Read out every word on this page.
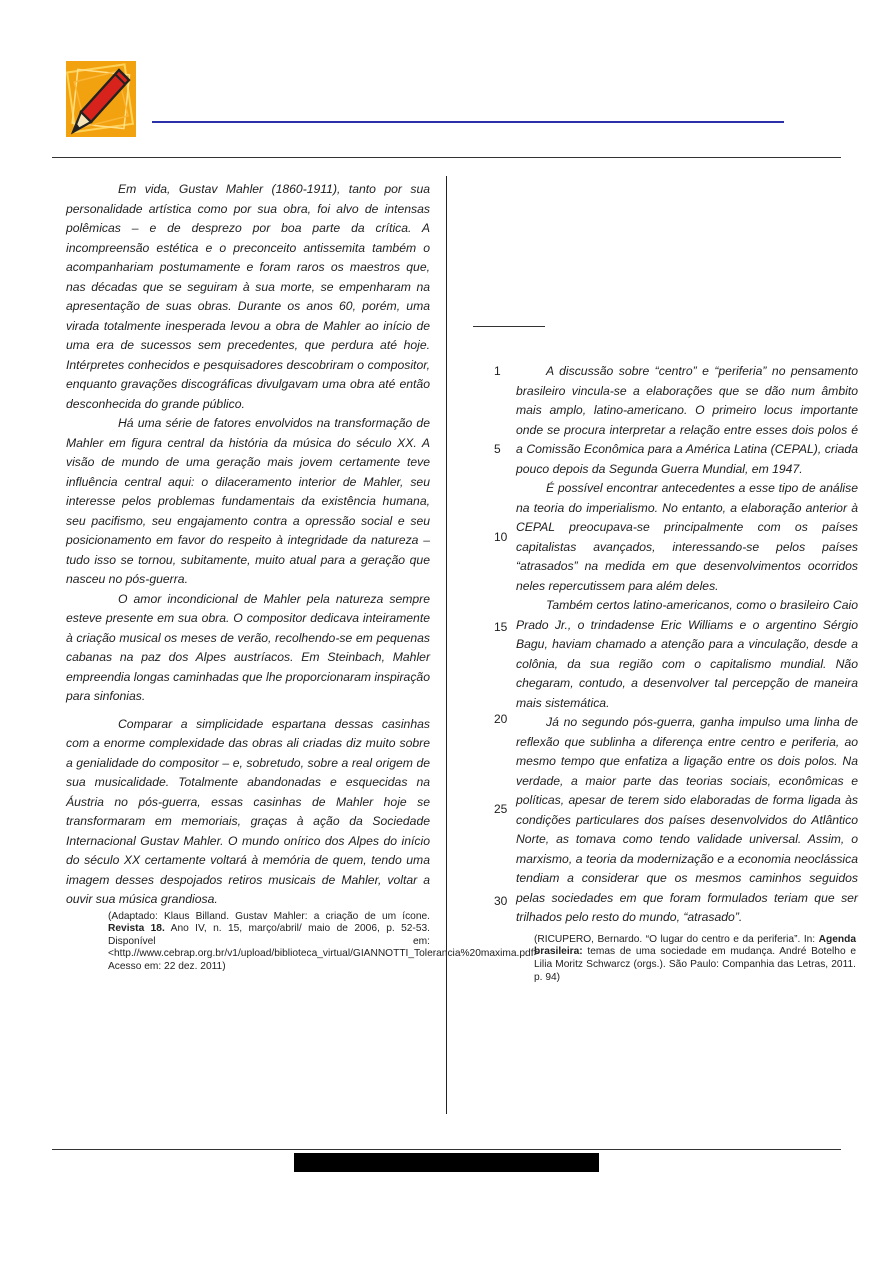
Em vida, Gustav Mahler (1860-1911), tanto por sua personalidade artística como por sua obra, foi alvo de intensas polêmicas – e de desprezo por boa parte da crítica. A incompreensão estética e o preconceito antissemita também o acompanhariam postumamente e foram raros os maestros que, nas décadas que se seguiram à sua morte, se empenharam na apresentação de suas obras. Durante os anos 60, porém, uma virada totalmente inesperada levou a obra de Mahler ao início de uma era de sucessos sem precedentes, que perdura até hoje. Intérpretes conhecidos e pesquisadores descobriram o compositor, enquanto gravações discográficas divulgavam uma obra até então desconhecida do grande público.

Há uma série de fatores envolvidos na transformação de Mahler em figura central da história da música do século XX. A visão de mundo de uma geração mais jovem certamente teve influência central aqui: o dilaceramento interior de Mahler, seu interesse pelos problemas fundamentais da existência humana, seu pacifismo, seu engajamento contra a opressão social e seu posicionamento em favor do respeito à integridade da natureza – tudo isso se tornou, subitamente, muito atual para a geração que nasceu no pós-guerra.

O amor incondicional de Mahler pela natureza sempre esteve presente em sua obra. O compositor dedicava inteiramente à criação musical os meses de verão, recolhendo-se em pequenas cabanas na paz dos Alpes austríacos. Em Steinbach, Mahler empreendia longas caminhadas que lhe proporcionaram inspiração para sinfonias.

Comparar a simplicidade espartana dessas casinhas com a enorme complexidade das obras ali criadas diz muito sobre a genialidade do compositor – e, sobretudo, sobre a real origem de sua musicalidade. Totalmente abandonadas e esquecidas na Áustria no pós-guerra, essas casinhas de Mahler hoje se transformaram em memoriais, graças à ação da Sociedade Internacional Gustav Mahler. O mundo onírico dos Alpes do início do século XX certamente voltará à memória de quem, tendo uma imagem desses despojados retiros musicais de Mahler, voltar a ouvir sua música grandiosa.

(Adaptado: Klaus Billand. Gustav Mahler: a criação de um ícone. Revista 18. Ano IV, n. 15, março/abril/ maio de 2006, p. 52-53. Disponível em: <http.//www.cebrap.org.br/v1/upload/biblioteca_virtual/GIANNOTTI_Tolerancia%20maxima.pdf> Acesso em: 22 dez. 2011)
1
5
10
15
20
25
30

A discussão sobre “centro” e “periferia” no pensamento brasileiro vincula-se a elaborações que se dão num âmbito mais amplo, latino-americano. O primeiro locus importante onde se procura interpretar a relação entre esses dois polos é a Comissão Econômica para a América Latina (CEPAL), criada pouco depois da Segunda Guerra Mundial, em 1947.

É possível encontrar antecedentes a esse tipo de análise na teoria do imperialismo. No entanto, a elaboração anterior à CEPAL preocupava-se principalmente com os países capitalistas avançados, interessando-se pelos países “atrasados” na medida em que desenvolvimentos ocorridos neles repercutissem para além deles.

Também certos latino-americanos, como o brasileiro Caio Prado Jr., o trindadense Eric Williams e o argentino Sérgio Bagu, haviam chamado a atenção para a vinculação, desde a colônia, da sua região com o capitalismo mundial. Não chegaram, contudo, a desenvolver tal percepção de maneira mais sistemática.

Já no segundo pós-guerra, ganha impulso uma linha de reflexão que sublinha a diferença entre centro e periferia, ao mesmo tempo que enfatiza a ligação entre os dois polos. Na verdade, a maior parte das teorias sociais, econômicas e políticas, apesar de terem sido elaboradas de forma ligada às condições particulares dos países desenvolvidos do Atlântico Norte, as tomava como tendo validade universal. Assim, o marxismo, a teoria da modernização e a economia neoclássica tendiam a considerar que os mesmos caminhos seguidos pelas sociedades em que foram formulados teriam que ser trilhados pelo resto do mundo, “atrasado”.

(RICUPERO, Bernardo. “O lugar do centro e da periferia”. In: Agenda brasileira: temas de uma sociedade em mudança. André Botelho e Lilia Moritz Schwarcz (orgs.). São Paulo: Companhia das Letras, 2011. p. 94)
